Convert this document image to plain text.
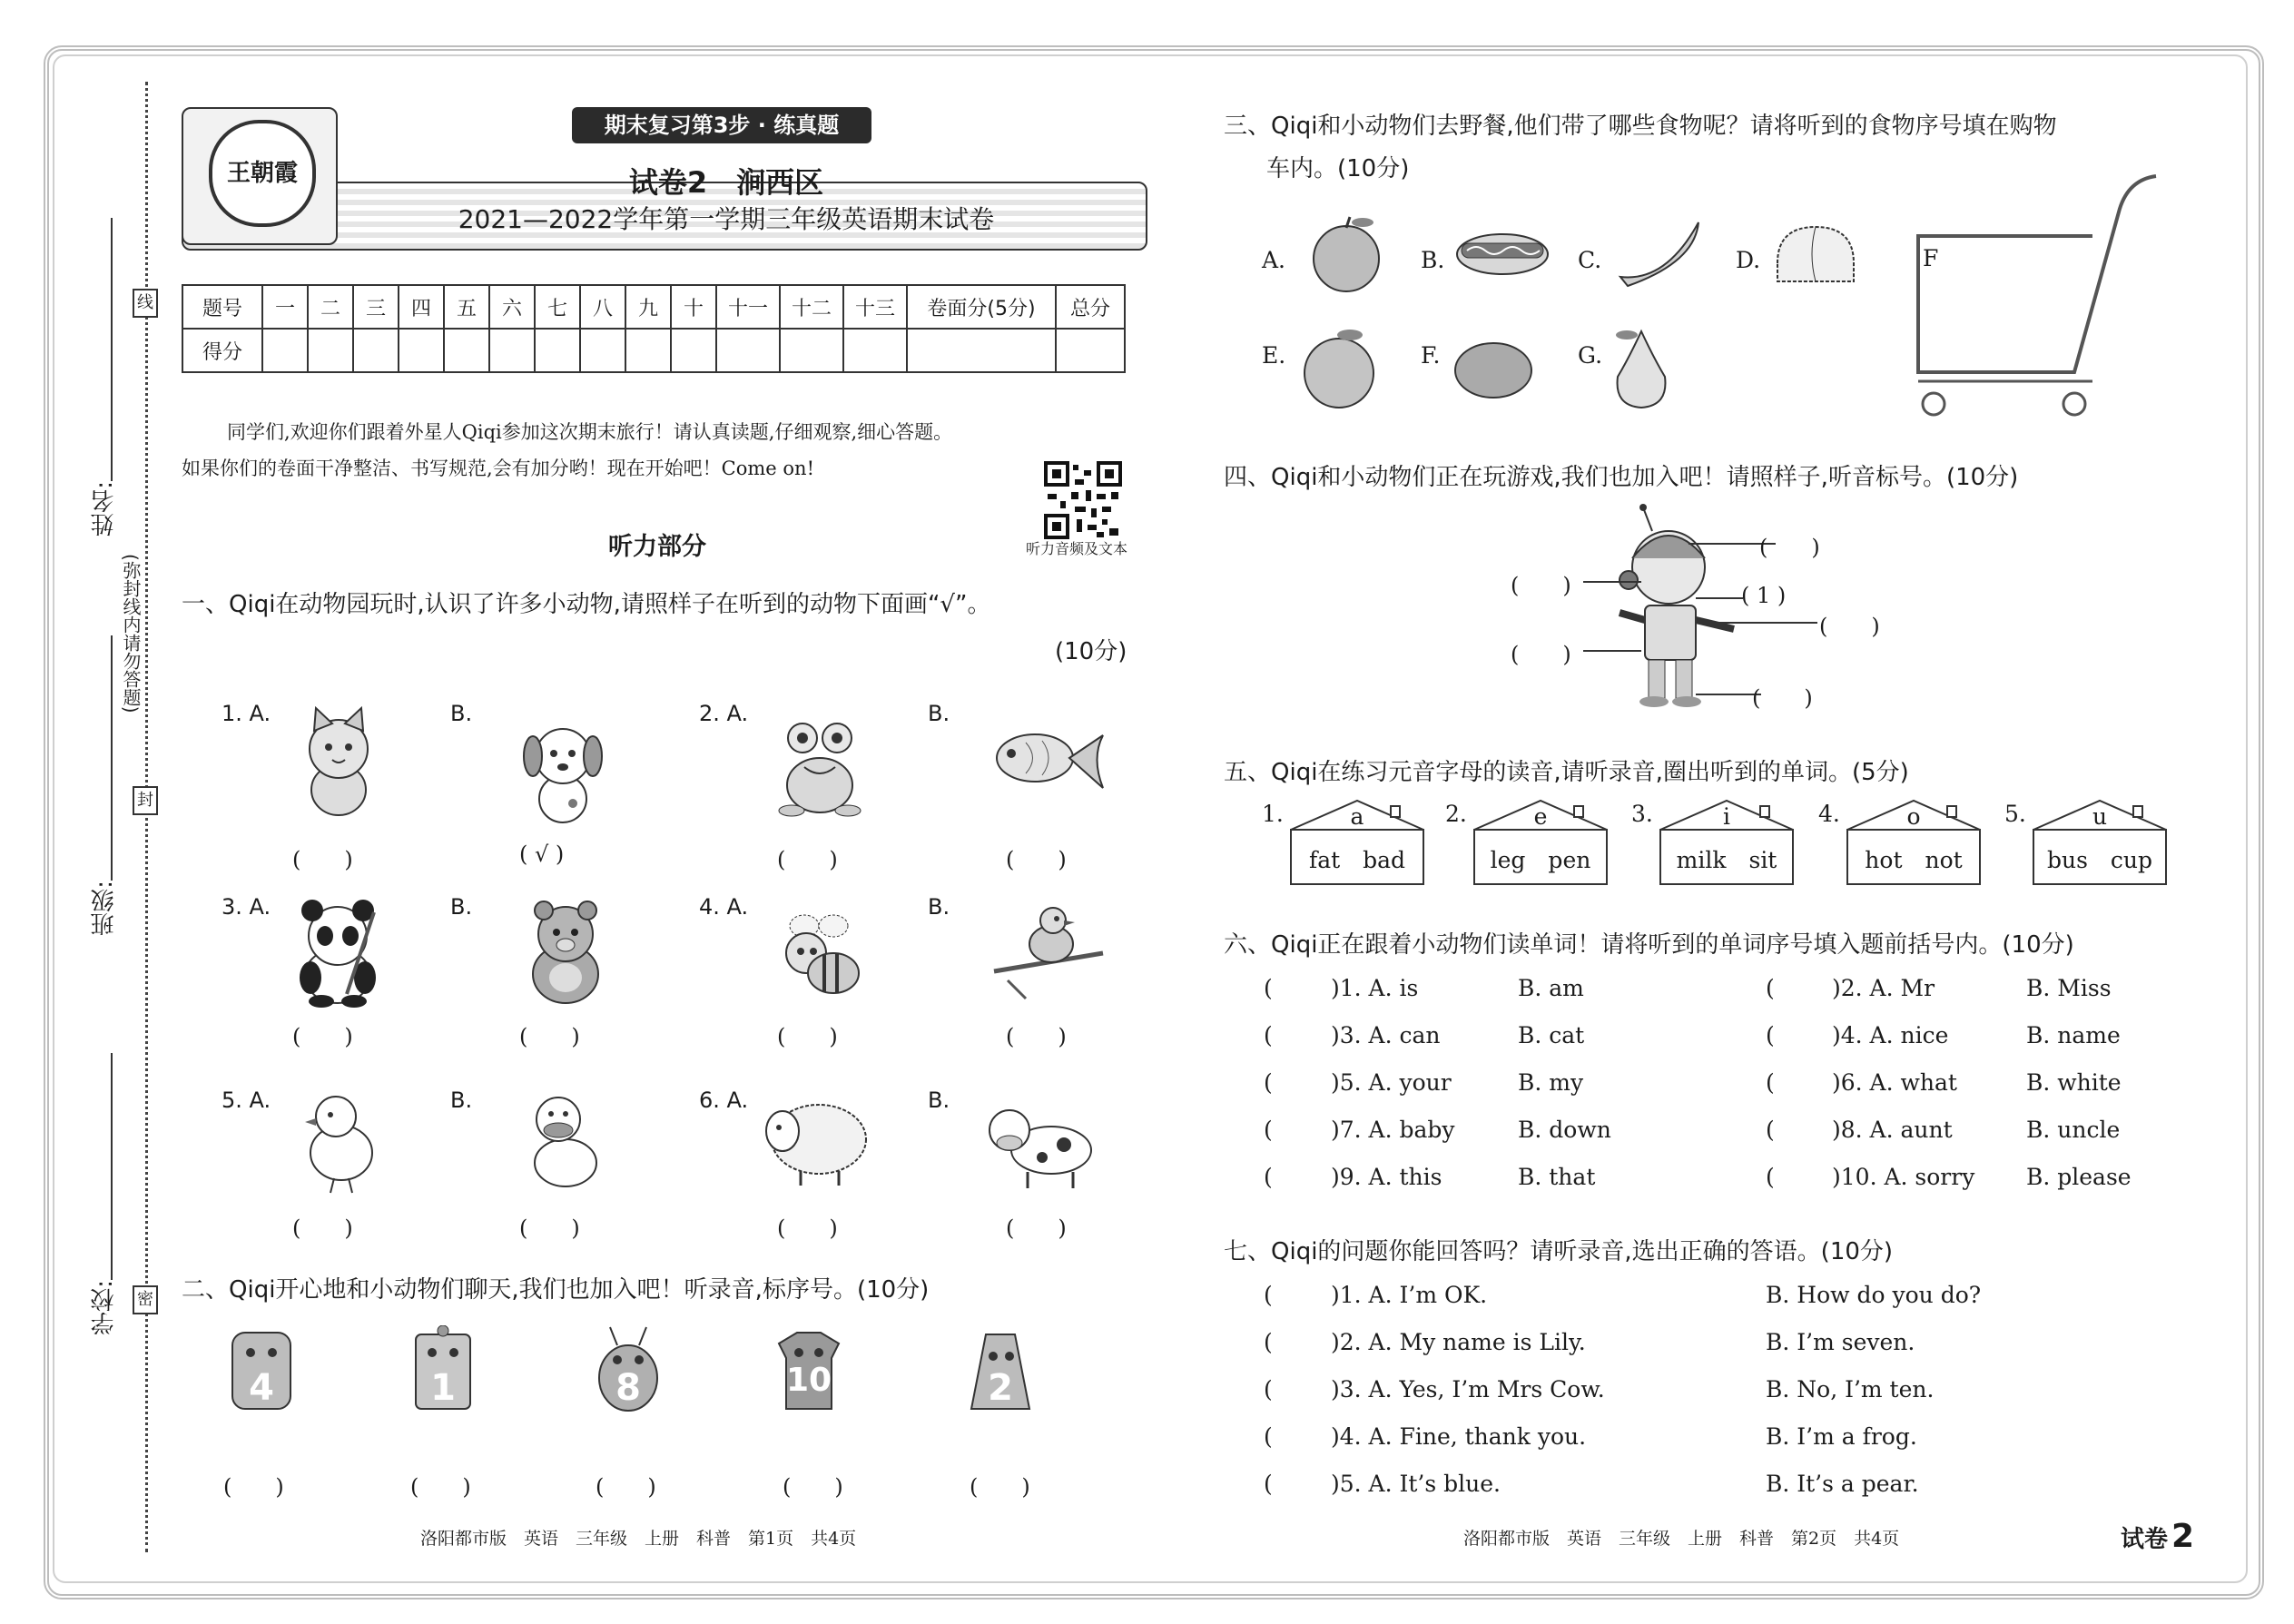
姓名:
班级:
学校:
线
封
密
(弥封线内请勿答题)
王朝霞
期末复习第3步 · 练真题
试卷2　涧西区
2021—2022学年第一学期三年级英语期末试卷
题号	一	二	三	四	五	六	七	八	九	十	十一	十二	十三	卷面分(5分)	总分
得分															
同学们,欢迎你们跟着外星人Qiqi参加这次期末旅行！请认真读题,仔细观察,细心答题。
如果你们的卷面干净整洁、书写规范,会有加分哟！现在开始吧！Come on!
听力音频及文本
听力部分
一、Qiqi在动物园玩时,认识了许多小动物,请照样子在听到的动物下面画“√”。
(10分)
1. A.	B.	2. A.	B.
3. A.	B.	4. A.	B.
5. A.	B.	6. A.	B.
(　　)	( √ )	(　　)	(　　)
(　　)	(　　)	(　　)	(　　)
(　　)	(　　)	(　　)	(　　)
二、Qiqi开心地和小动物们聊天,我们也加入吧！听录音,标序号。(10分)
4	1	8	10	2
(　　)	(　　)	(　　)	(　　)	(　　)
洛阳都市版　英语　三年级　上册　科普　第1页　共4页
三、Qiqi和小动物们去野餐,他们带了哪些食物呢？请将听到的食物序号填在购物
车内。(10分)
A.	B.	C.	D.
E.	F.	G.
F
四、Qiqi和小动物们正在玩游戏,我们也加入吧！请照样子,听音标号。(10分)
(　　)
(　　)	( 1 )
(　　)
(　　)
(　　)
五、Qiqi在练习元音字母的读音,请听录音,圈出听到的单词。(5分)
1.	a
fat　bad
2.	e
leg　pen
3.	i
milk　sit
4.	o
hot　not
5.	u
bus　cup
六、Qiqi正在跟着小动物们读单词！请将听到的单词序号填入题前括号内。(10分)
(	)1. A. is	B. am	(	)2. A. Mr	B. Miss
(	)3. A. can	B. cat	(	)4. A. nice	B. name
(	)5. A. your	B. my	(	)6. A. what	B. white
(	)7. A. baby	B. down	(	)8. A. aunt	B. uncle
(	)9. A. this	B. that	(	)10. A. sorry B. please
七、Qiqi的问题你能回答吗？请听录音,选出正确的答语。(10分)
(	)1. A. I’m OK.	B. How do you do?
(	)2. A. My name is Lily.	B. I’m seven.
(	)3. A. Yes, I’m Mrs Cow.	B. No, I’m ten.
(	)4. A. Fine, thank you.	B. I’m a frog.
(	)5. A. It’s blue.	B. It’s a pear.
洛阳都市版　英语　三年级　上册　科普　第2页　共4页	试卷 2
